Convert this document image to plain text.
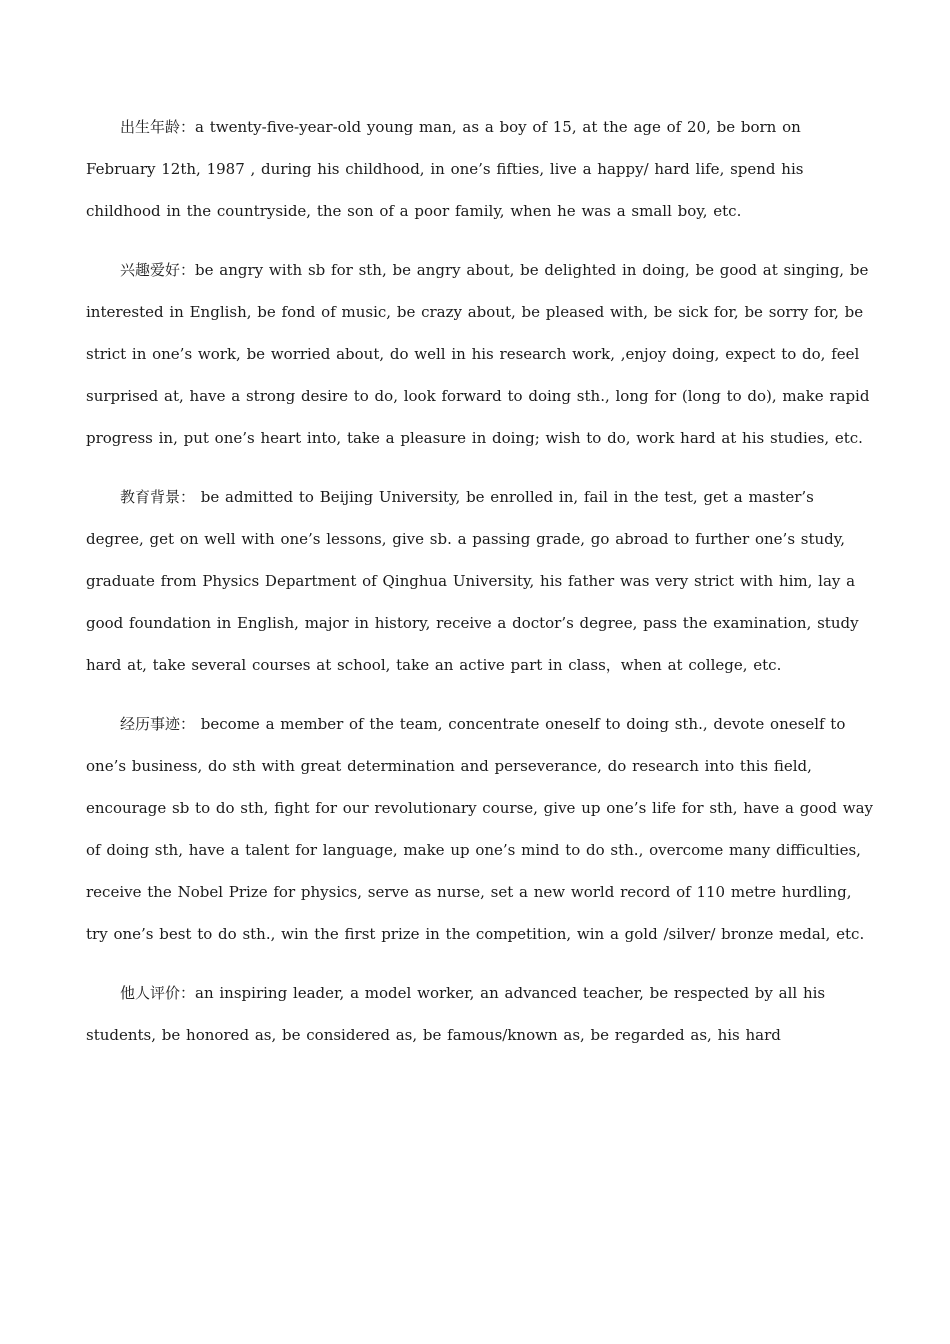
出生年龄：a twenty-five-year-old young man, as a boy of 15, at the age of 20, be born on February 12th, 1987 , during his childhood, in one’s fifties, live a happy/ hard life, spend his childhood in the countryside, the son of a poor family, when he was a small boy, etc.

兴趣爱好：be angry with sb for sth, be angry about, be delighted in doing, be good at singing, be interested in English, be fond of music, be crazy about, be pleased with, be sick for, be sorry for, be strict in one’s work, be worried about, do well in his research work, ,enjoy doing, expect to do, feel surprised at, have a strong desire to do, look forward to doing sth., long for (long to do), make rapid progress in, put one’s heart into, take a pleasure in doing; wish to do, work hard at his studies, etc.

教育背景： be admitted to Beijing University, be enrolled in, fail in the test, get a master’s degree, get on well with one’s lessons, give sb. a passing grade, go abroad to further one’s study, graduate from Physics Department of Qinghua University, his father was very strict with him, lay a good foundation in English, major in history, receive a doctor’s degree, pass the examination, study hard at, take several courses at school, take an active part in class，when at college, etc.

经历事迹： become a member of the team, concentrate oneself to doing sth., devote oneself to one’s business, do sth with great determination and perseverance, do research into this field, encourage sb to do sth, fight for our revolutionary course, give up one’s life for sth, have a good way of doing sth, have a talent for language, make up one’s mind to do sth., overcome many difficulties, receive the Nobel Prize for physics, serve as nurse, set a new world record of 110 metre hurdling, try one’s best to do sth., win the first prize in the competition, win a gold /silver/ bronze medal, etc.

他人评价：an inspiring leader, a model worker, an advanced teacher, be respected by all his students, be honored as, be considered as, be famous/known as, be regarded as, his hard
